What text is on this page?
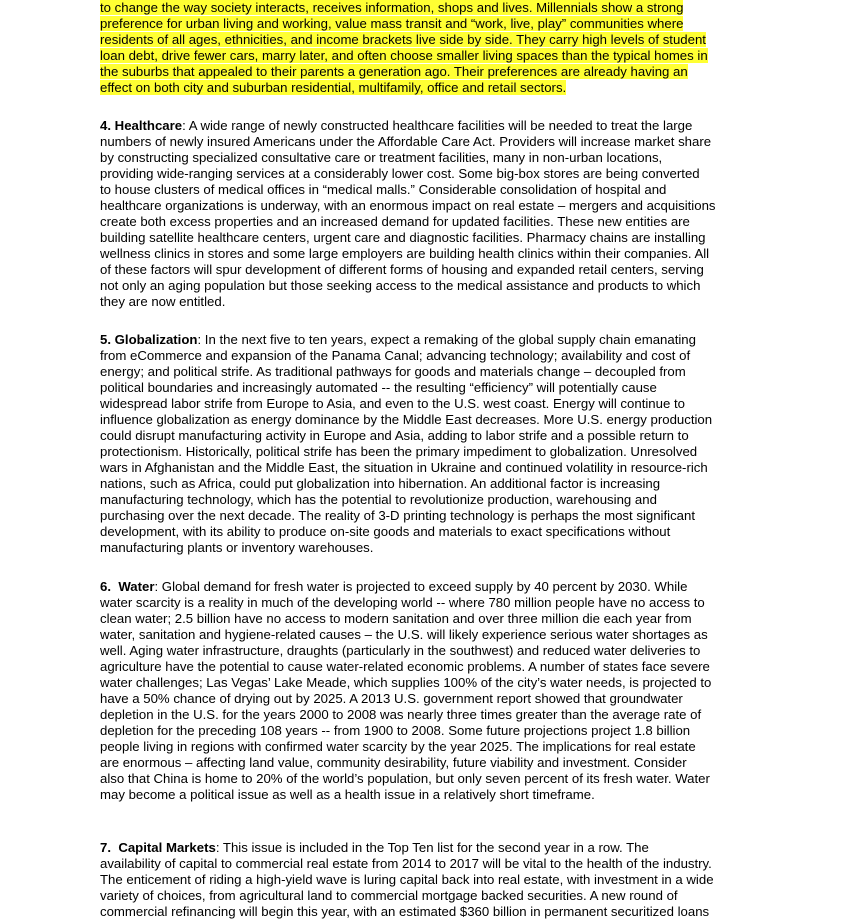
to change the way society interacts, receives information, shops and lives. Millennials show a strong
preference for urban living and working, value mass transit and “work, live, play” communities where
residents of all ages, ethnicities, and income brackets live side by side. They carry high levels of student
loan debt, drive fewer cars, marry later, and often choose smaller living spaces than the typical homes in
the suburbs that appealed to their parents a generation ago. Their preferences are already having an
effect on both city and suburban residential, multifamily, office and retail sectors.
4. Healthcare: A wide range of newly constructed healthcare facilities will be needed to treat the large
numbers of newly insured Americans under the Affordable Care Act. Providers will increase market share
by constructing specialized consultative care or treatment facilities, many in non-urban locations,
providing wide-ranging services at a considerably lower cost. Some big-box stores are being converted
to house clusters of medical offices in “medical malls.” Considerable consolidation of hospital and
healthcare organizations is underway, with an enormous impact on real estate – mergers and acquisitions
create both excess properties and an increased demand for updated facilities. These new entities are
building satellite healthcare centers, urgent care and diagnostic facilities. Pharmacy chains are installing
wellness clinics in stores and some large employers are building health clinics within their companies. All
of these factors will spur development of different forms of housing and expanded retail centers, serving
not only an aging population but those seeking access to the medical assistance and products to which
they are now entitled.
5. Globalization: In the next five to ten years, expect a remaking of the global supply chain emanating
from eCommerce and expansion of the Panama Canal; advancing technology; availability and cost of
energy; and political strife. As traditional pathways for goods and materials change – decoupled from
political boundaries and increasingly automated -- the resulting “efficiency” will potentially cause
widespread labor strife from Europe to Asia, and even to the U.S. west coast. Energy will continue to
influence globalization as energy dominance by the Middle East decreases. More U.S. energy production
could disrupt manufacturing activity in Europe and Asia, adding to labor strife and a possible return to
protectionism. Historically, political strife has been the primary impediment to globalization. Unresolved
wars in Afghanistan and the Middle East, the situation in Ukraine and continued volatility in resource-rich
nations, such as Africa, could put globalization into hibernation. An additional factor is increasing
manufacturing technology, which has the potential to revolutionize production, warehousing and
purchasing over the next decade. The reality of 3-D printing technology is perhaps the most significant
development, with its ability to produce on-site goods and materials to exact specifications without
manufacturing plants or inventory warehouses.
6. Water: Global demand for fresh water is projected to exceed supply by 40 percent by 2030. While
water scarcity is a reality in much of the developing world -- where 780 million people have no access to
clean water; 2.5 billion have no access to modern sanitation and over three million die each year from
water, sanitation and hygiene-related causes – the U.S. will likely experience serious water shortages as
well. Aging water infrastructure, draughts (particularly in the southwest) and reduced water deliveries to
agriculture have the potential to cause water-related economic problems. A number of states face severe
water challenges; Las Vegas’ Lake Meade, which supplies 100% of the city’s water needs, is projected to
have a 50% chance of drying out by 2025. A 2013 U.S. government report showed that groundwater
depletion in the U.S. for the years 2000 to 2008 was nearly three times greater than the average rate of
depletion for the preceding 108 years -- from 1900 to 2008. Some future projections project 1.8 billion
people living in regions with confirmed water scarcity by the year 2025. The implications for real estate
are enormous – affecting land value, community desirability, future viability and investment. Consider
also that China is home to 20% of the world’s population, but only seven percent of its fresh water. Water
may become a political issue as well as a health issue in a relatively short timeframe.
7. Capital Markets: This issue is included in the Top Ten list for the second year in a row. The
availability of capital to commercial real estate from 2014 to 2017 will be vital to the health of the industry.
The enticement of riding a high-yield wave is luring capital back into real estate, with investment in a wide
variety of choices, from agricultural land to commercial mortgage backed securities. A new round of
commercial refinancing will begin this year, with an estimated $360 billion in permanent securitized loans
